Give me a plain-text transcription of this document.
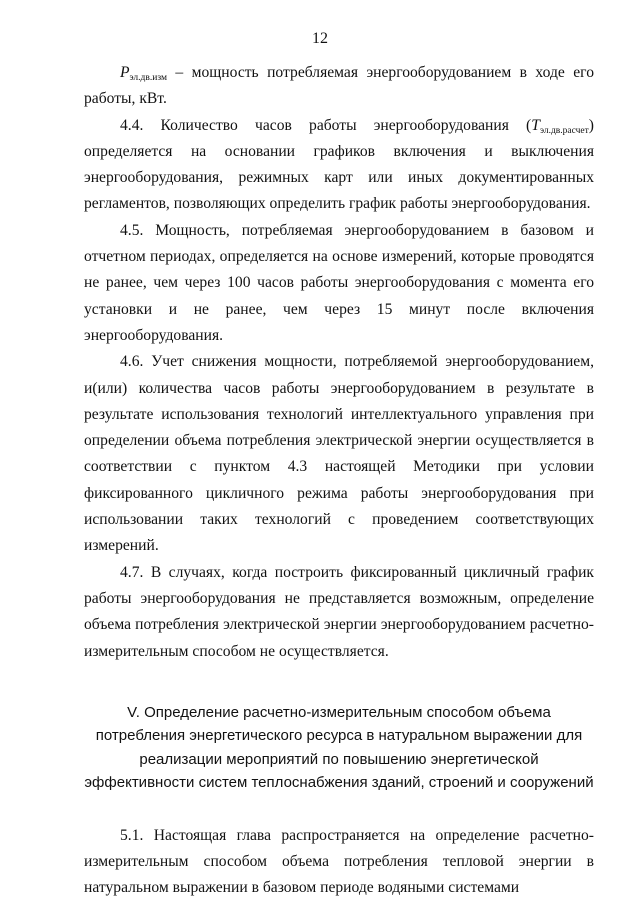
12

$P_{эл.дв.изм}$ – мощность потребляемая энергооборудованием в ходе его работы, кВт.

4.4. Количество часов работы энергооборудования $(T_{эл.дв.расчет})$ определяется на основании графиков включения и выключения энергооборудования, режимных карт или иных документированных регламентов, позволяющих определить график работы энергооборудования.

4.5. Мощность, потребляемая энергооборудованием в базовом и отчетном периодах, определяется на основе измерений, которые проводятся не ранее, чем через 100 часов работы энергооборудования с момента его установки и не ранее, чем через 15 минут после включения энергооборудования.

4.6. Учет снижения мощности, потребляемой энергооборудованием, и(или) количества часов работы энергооборудованием в результате в результате использования технологий интеллектуального управления при определении объема потребления электрической энергии осуществляется в соответствии с пунктом 4.3 настоящей Методики при условии фиксированного цикличного режима работы энергооборудования при использовании таких технологий с проведением соответствующих измерений.

4.7. В случаях, когда построить фиксированный цикличный график работы энергооборудования не представляется возможным, определение объема потребления электрической энергии энергооборудованием расчетно-измерительным способом не осуществляется.

V. Определение расчетно-измерительным способом объема потребления энергетического ресурса в натуральном выражении для реализации мероприятий по повышению энергетической эффективности систем теплоснабжения зданий, строений и сооружений

5.1. Настоящая глава распространяется на определение расчетно-измерительным способом объема потребления тепловой энергии в натуральном выражении в базовом периоде водяными системами
